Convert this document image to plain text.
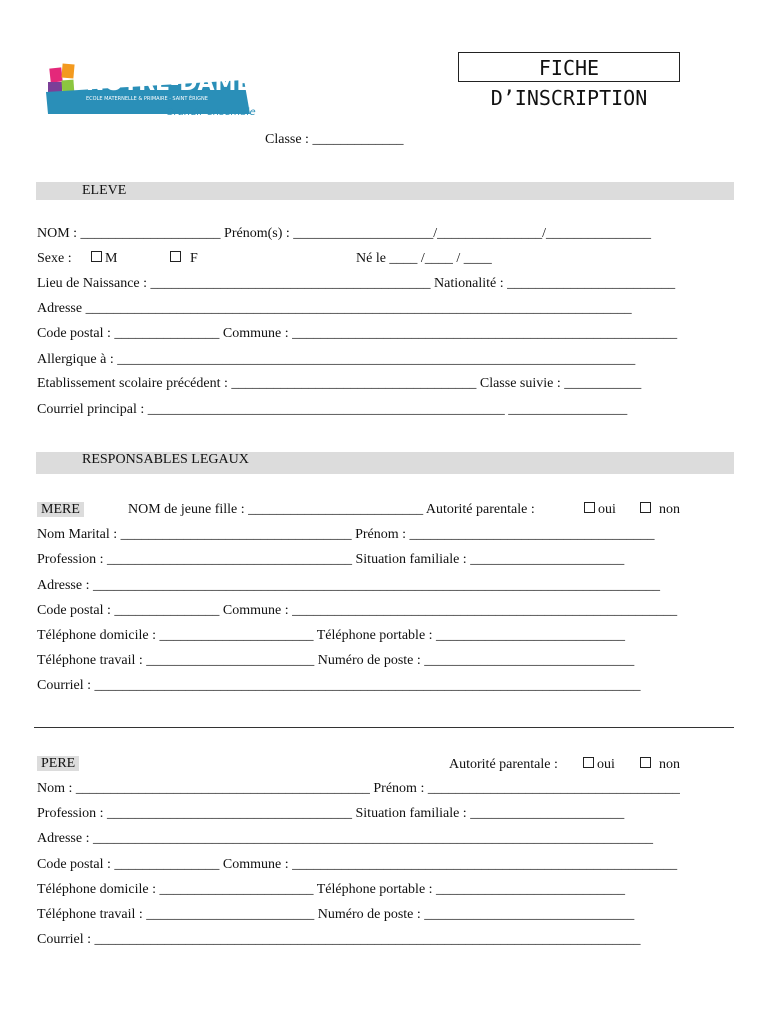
NOTRE-DAME
ECOLE MATERNELLE & PRIMAIRE · SAINT ÉRIGNE
Grandir ensemble
FICHE D’INSCRIPTION
Classe : _____________
ELEVE
NOM : ____________________ Prénom(s) : ____________________/_______________/_______________
Sexe :	M	F	Né le ____ /____ / ____
Lieu de Naissance : ________________________________________ Nationalité : ________________________
Adresse ______________________________________________________________________________
Code postal : _______________ Commune : _______________________________________________________
Allergique à : __________________________________________________________________________
Etablissement scolaire précédent : ___________________________________ Classe suivie : ___________
Courriel principal : ___________________________________________________ _________________
RESPONSABLES LEGAUX
MERE	NOM de jeune fille : _________________________ Autorité parentale :	oui	non
Nom Marital : _________________________________ Prénom : ___________________________________
Profession : ___________________________________ Situation familiale : ______________________
Adresse : _________________________________________________________________________________
Code postal : _______________ Commune : _______________________________________________________
Téléphone domicile : ______________________ Téléphone portable : ___________________________
Téléphone travail : ________________________ Numéro de poste : ______________________________
Courriel : ______________________________________________________________________________
PERE	Autorité parentale :	oui	non
Nom : __________________________________________ Prénom : ____________________________________
Profession : ___________________________________ Situation familiale : ______________________
Adresse : ________________________________________________________________________________
Code postal : _______________ Commune : _______________________________________________________
Téléphone domicile : ______________________ Téléphone portable : ___________________________
Téléphone travail : ________________________ Numéro de poste : ______________________________
Courriel : ______________________________________________________________________________
